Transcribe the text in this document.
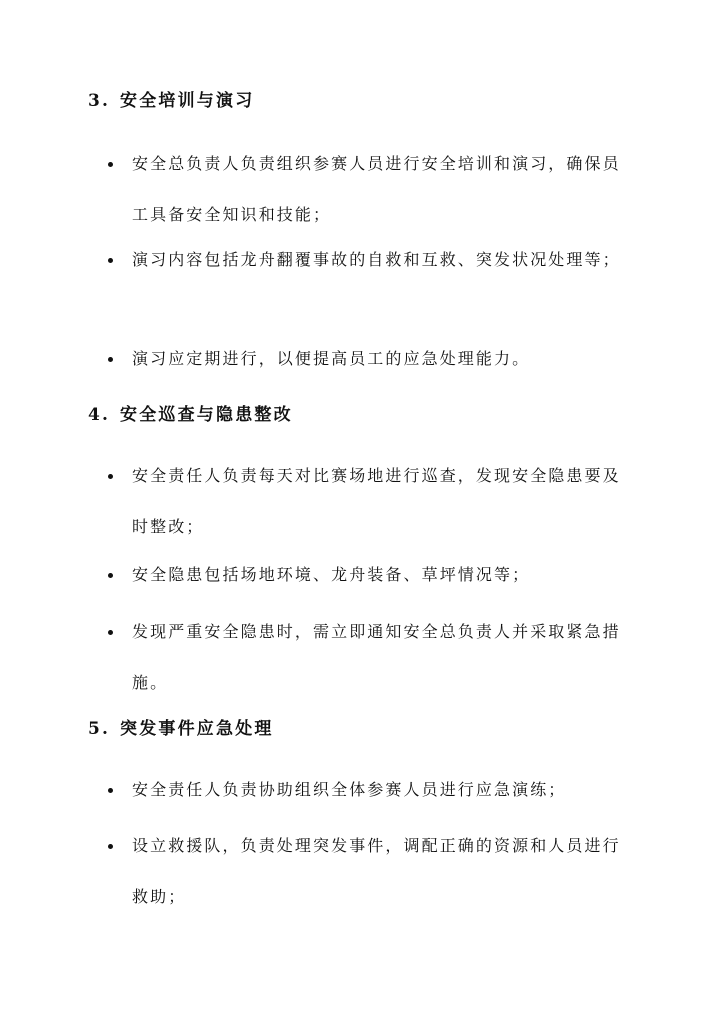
3. 安全培训与演习
安全总负责人负责组织参赛人员进行安全培训和演习，确保员工具备安全知识和技能；
演习内容包括龙舟翻覆事故的自救和互救、突发状况处理等；
演习应定期进行，以便提高员工的应急处理能力。
4. 安全巡查与隐患整改
安全责任人负责每天对比赛场地进行巡查，发现安全隐患要及时整改；
安全隐患包括场地环境、龙舟装备、草坪情况等；
发现严重安全隐患时，需立即通知安全总负责人并采取紧急措施。
5. 突发事件应急处理
安全责任人负责协助组织全体参赛人员进行应急演练；
设立救援队，负责处理突发事件，调配正确的资源和人员进行救助；
